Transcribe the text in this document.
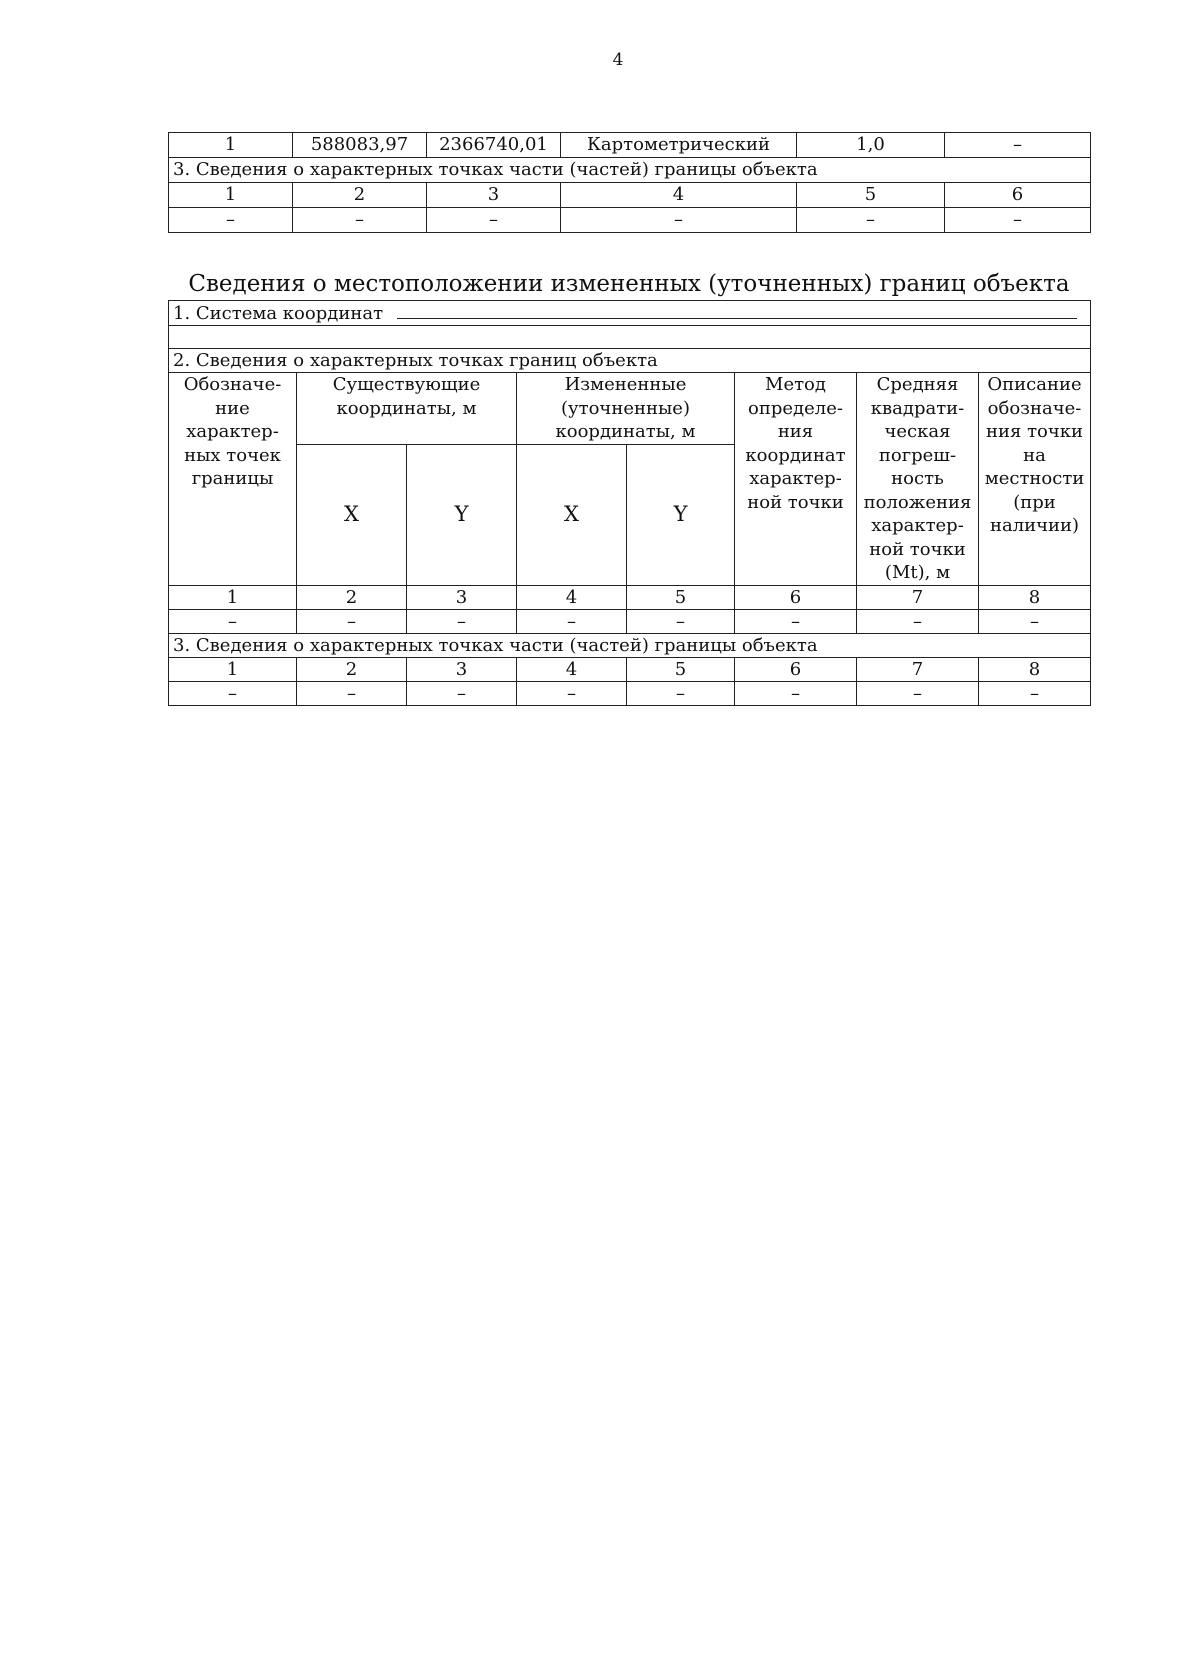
4
1	588083,97	2366740,01	Картометрический	1,0	–
3. Сведения о характерных точках части (частей) границы объекта					
1	2	3	4	5	6
–	–	–	–	–	–
Сведения о местоположении измененных (уточненных) границ объекта
1. Система координат							

2. Сведения о характерных точках границ объекта							

Обозначе-ние характер-ных точек границы	Существующие координаты, м		Измененные (уточненные) координаты, м		Метод определе-ния координат характер-ной точки	Средняя квадрати-ческая погреш-ность положения характер-ной точки (Mt), м	Описание обозначе-ния точки на местности (при наличии)

	X	Y	X	Y			
1	2	3	4	5	6	7	8
–	–	–	–	–	–	–	–
3. Сведения о характерных точках части (частей) границы объекта							
1	2	3	4	5	6	7	8
–	–	–	–	–	–	–	–
